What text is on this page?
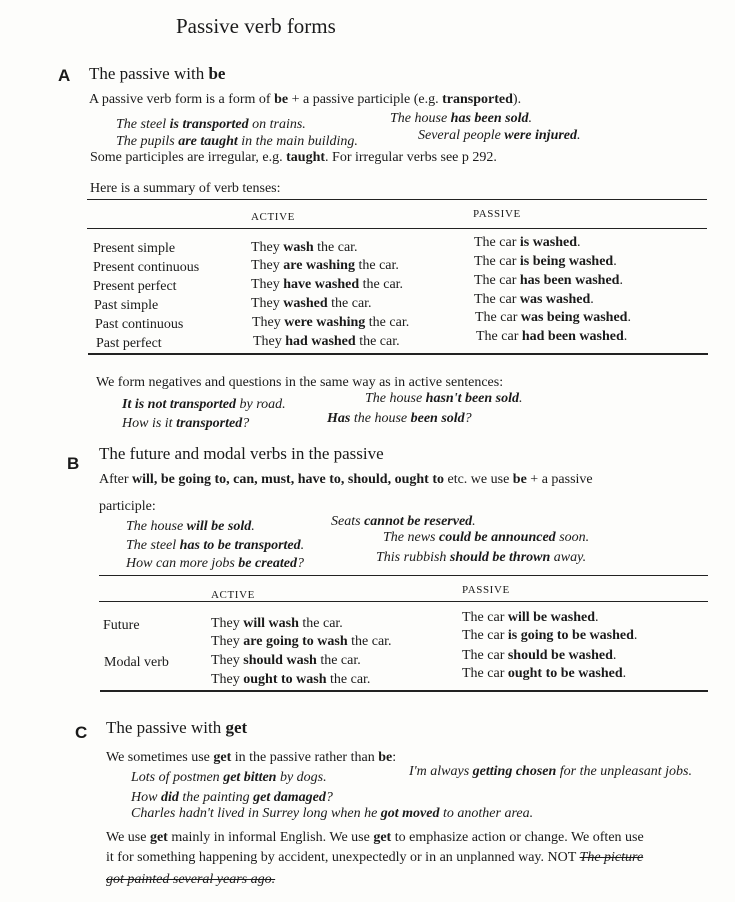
Passive verb forms
A The passive with be
A passive verb form is a form of be + a passive participle (e.g. transported).
The steel is transported on trains.	The house has been sold.
The pupils are taught in the main building.	Several people were injured.
Some participles are irregular, e.g. taught. For irregular verbs see p 292.
Here is a summary of verb tenses:
ACTIVE	PASSIVE
Present simple	They wash the car.	The car is washed.
Present continuous	They are washing the car.	The car is being washed.
Present perfect	They have washed the car.	The car has been washed.
Past simple	They washed the car.	The car was washed.
Past continuous	They were washing the car.	The car was being washed.
Past perfect	They had washed the car.	The car had been washed.
We form negatives and questions in the same way as in active sentences:
It is not transported by road.	The house hasn't been sold.
How is it transported?	Has the house been sold?
B
The future and modal verbs in the passive
After will, be going to, can, must, have to, should, ought to etc. we use be + a passive
participle:
The house will be sold.	Seats cannot be reserved.
The steel has to be transported.
The news could be announced soon.
How can more jobs be created?	This rubbish should be thrown away.
ACTIVE	PASSIVE
Future	They will wash the car.	The car will be washed.
They are going to wash the car.	The car is going to be washed.
Modal verb	They should wash the car.	The car should be washed.
They ought to wash the car.	The car ought to be washed.
C The passive with get
We sometimes use get in the passive rather than be:
Lots of postmen get bitten by dogs.	I'm always getting chosen for the unpleasant jobs.
How did the painting get damaged?
Charles hadn't lived in Surrey long when he got moved to another area.
We use get mainly in informal English. We use get to emphasize action or change. We often use
it for something happening by accident, unexpectedly or in an unplanned way. NOT The picture
got painted several years ago.
